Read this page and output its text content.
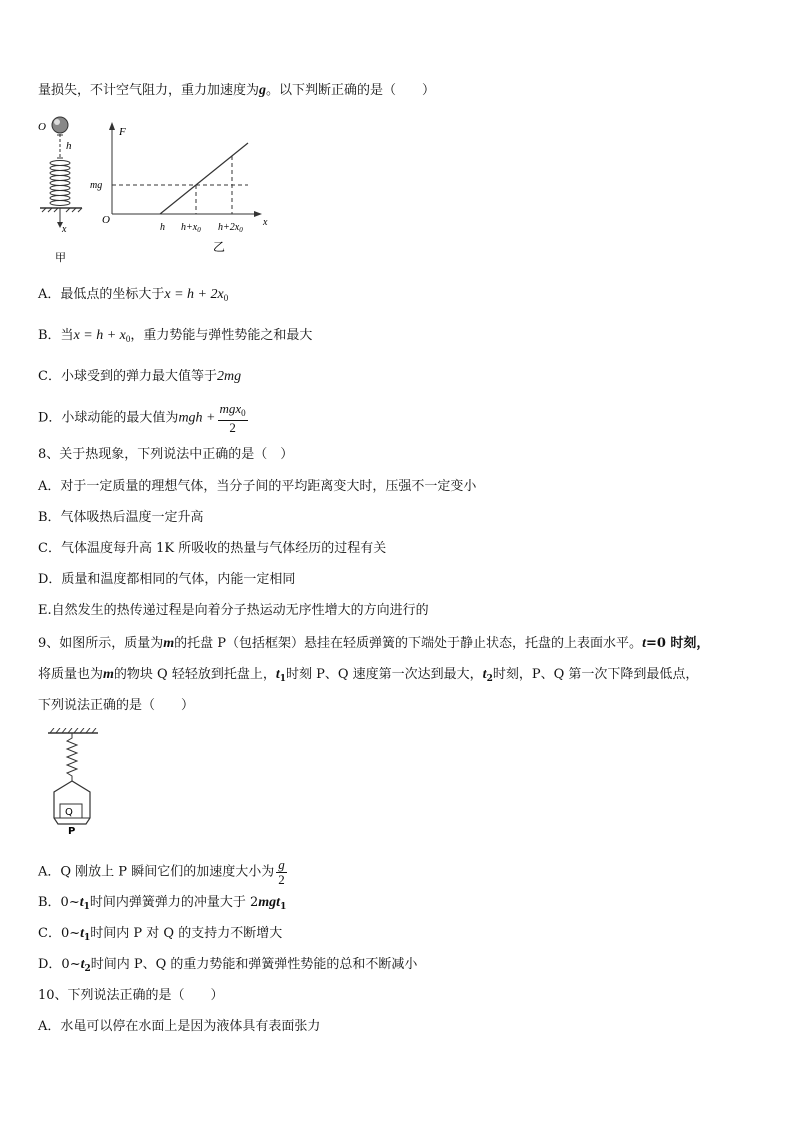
量损失，不计空气阻力，重力加速度为g。以下判断正确的是（　　）
O
h
x
甲
F
x
O
mg
h $h+x_0$ $h+2x_0$
乙
A．最低点的坐标大于$x = h + 2x_0$
B．当$x = h + x_0$，重力势能与弹性势能之和最大
C．小球受到的弹力最大值等于2mg
D．小球动能的最大值为mgh + $\frac{mgx_0}{2}$
8、关于热现象，下列说法中正确的是（　）
A．对于一定质量的理想气体，当分子间的平均距离变大时，压强不一定变小
B．气体吸热后温度一定升高
C．气体温度每升高 1K 所吸收的热量与气体经历的过程有关
D．质量和温度都相同的气体，内能一定相同
E.自然发生的热传递过程是向着分子热运动无序性增大的方向进行的
9、如图所示，质量为m的托盘 P（包括框架）悬挂在轻质弹簧的下端处于静止状态，托盘的上表面水平。t=0 时刻，
将质量也为m的物块 Q 轻轻放到托盘上，$t_1$时刻 P、Q 速度第一次达到最大，$t_2$时刻，P、Q 第一次下降到最低点，
下列说法正确的是（　　）
Q
P
A．Q 刚放上 P 瞬间它们的加速度大小为 $\frac{g}{2}$
B．$0\sim t_1$时间内弹簧弹力的冲量大于 2mgt$_1$
C．$0\sim t_1$时间内 P 对 Q 的支持力不断增大
D．$0\sim t_2$时间内 P、Q 的重力势能和弹簧弹性势能的总和不断减小
10、下列说法正确的是（　　）
A．水黾可以停在水面上是因为液体具有表面张力
